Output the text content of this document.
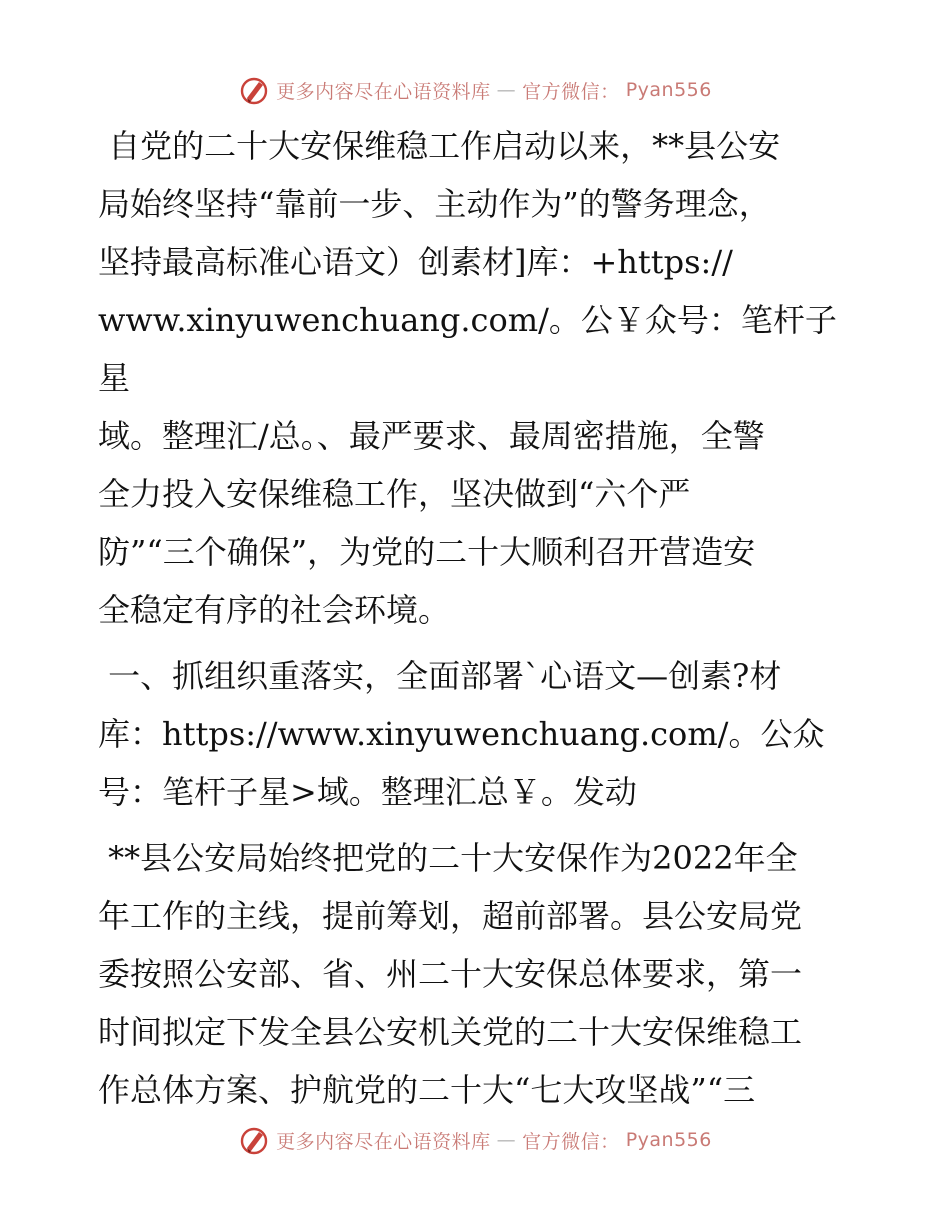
更多内容尽在心语资料库 — 官方微信： Pyan556

自党的二十大安保维稳工作启动以来，**县公安

局始终坚持“靠前一步、主动作为”的警务理念，

坚持最高标准心语文）创素材]库：+https://

www.xinyuwenchuang.com/。公￥众号：笔杆子星

域。整理汇/总。、最严要求、最周密措施，全警

全力投入安保维稳工作，坚决做到“六个严

防”“三个确保”，为党的二十大顺利召开营造安

全稳定有序的社会环境。

一、抓组织重落实，全面部署`心语文—创素?材

库：https://www.xinyuwenchuang.com/。公众

号：笔杆子星>域。整理汇总￥。发动

**县公安局始终把党的二十大安保作为2022年全

年工作的主线，提前筹划，超前部署。县公安局党

委按照公安部、省、州二十大安保总体要求，第一

时间拟定下发全县公安机关党的二十大安保维稳工

作总体方案、护航党的二十大“七大攻坚战”“三

更多内容尽在心语资料库 — 官方微信： Pyan556
